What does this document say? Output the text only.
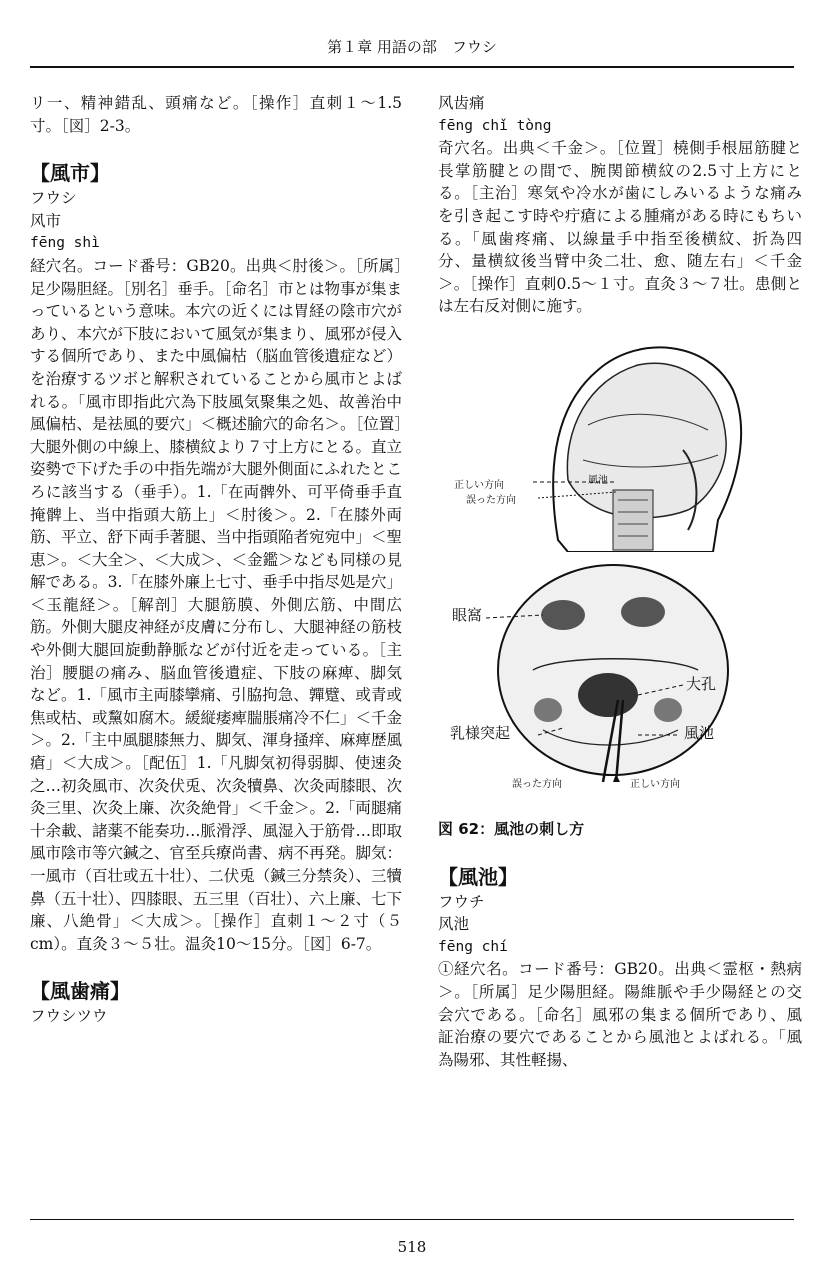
第１章 用語の部　フウシ

リ一、精神錯乱、頭痛など。［操作］直刺１～1.5寸。［図］2-3。

【風市】

フウシ

风市

fēng shì

経穴名。コード番号：GB20。出典＜肘後＞。［所属］足少陽胆経。［別名］垂手。［命名］市とは物事が集まっているという意味。本穴の近くには胃経の陰市穴があり、本穴が下肢において風気が集まり、風邪が侵入する個所であり、また中風偏枯（脳血管後遺症など）を治療するツボと解釈されていることから風市とよばれる。「風市即指此穴為下肢風気聚集之処、故善治中風偏枯、是祛風的要穴」＜概述腧穴的命名＞。［位置］大腿外側の中線上、膝横紋より７寸上方にとる。直立姿勢で下げた手の中指先端が大腿外側面にふれたところに該当する（垂手）。1.「在両髀外、可平倚垂手直掩髀上、当中指頭大筋上」＜肘後＞。2.「在膝外両筋、平立、舒下両手著腿、当中指頭陥者宛宛中」＜聖恵＞。＜大全＞、＜大成＞、＜金鑑＞なども同様の見解である。3.「在膝外廉上七寸、垂手中指尽処是穴」＜玉龍経＞。［解剖］大腿筋膜、外側広筋、中間広筋。外側大腿皮神経が皮膚に分布し、大腿神経の筋枝や外側大腿回旋動静脈などが付近を走っている。［主治］腰腿の痛み、脳血管後遺症、下肢の麻痺、脚気など。1.「風市主両膝攣痛、引脇拘急、嚲躄、或青或焦或枯、或黧如腐木。緩縦痿痺腨脹痛冷不仁」＜千金＞。2.「主中風腿膝無力、脚気、渾身掻痒、麻痺歴風瘡」＜大成＞。［配伍］1.「凡脚気初得弱脚、使速灸之…初灸風市、次灸伏兎、次灸犢鼻、次灸両膝眼、次灸三里、次灸上廉、次灸絶骨」＜千金＞。2.「両腿痛十余載、諸薬不能奏功…脈滑浮、風湿入于筋骨…即取風市陰市等穴鍼之、官至兵療尚書、病不再発。脚気：一風市（百壮或五十壮）、二伏兎（鍼三分禁灸）、三犢鼻（五十壮）、四膝眼、五三里（百壮）、六上廉、七下廉、八絶骨」＜大成＞。［操作］直刺１～２寸（５cm）。直灸３～５壮。温灸10～15分。［図］6-7。

【風歯痛】

フウシツウ

风齿痛

fēng chǐ tòng

奇穴名。出典＜千金＞。［位置］橈側手根屈筋腱と長掌筋腱との間で、腕関節横紋の2.5寸上方にとる。［主治］寒気や冷水が歯にしみいるような痛みを引き起こす時や疔瘡による腫痛がある時にもちいる。「風歯疼痛、以線量手中指至後横紋、折為四分、量横紋後当臂中灸二壮、愈、随左右」＜千金＞。［操作］直刺0.5～１寸。直灸３～７壮。患側とは左右反対側に施す。

正しい方向
誤った方向
風池
眼窩
大孔
乳様突起	風池
誤った方向	正しい方向
図 62：風池の刺し方
【風池】

フウチ

风池

fēng chí

①経穴名。コード番号：GB20。出典＜霊枢・熱病＞。［所属］足少陽胆経。陽維脈や手少陽経との交会穴である。［命名］風邪の集まる個所であり、風証治療の要穴であることから風池とよばれる。「風為陽邪、其性軽揚、

518
